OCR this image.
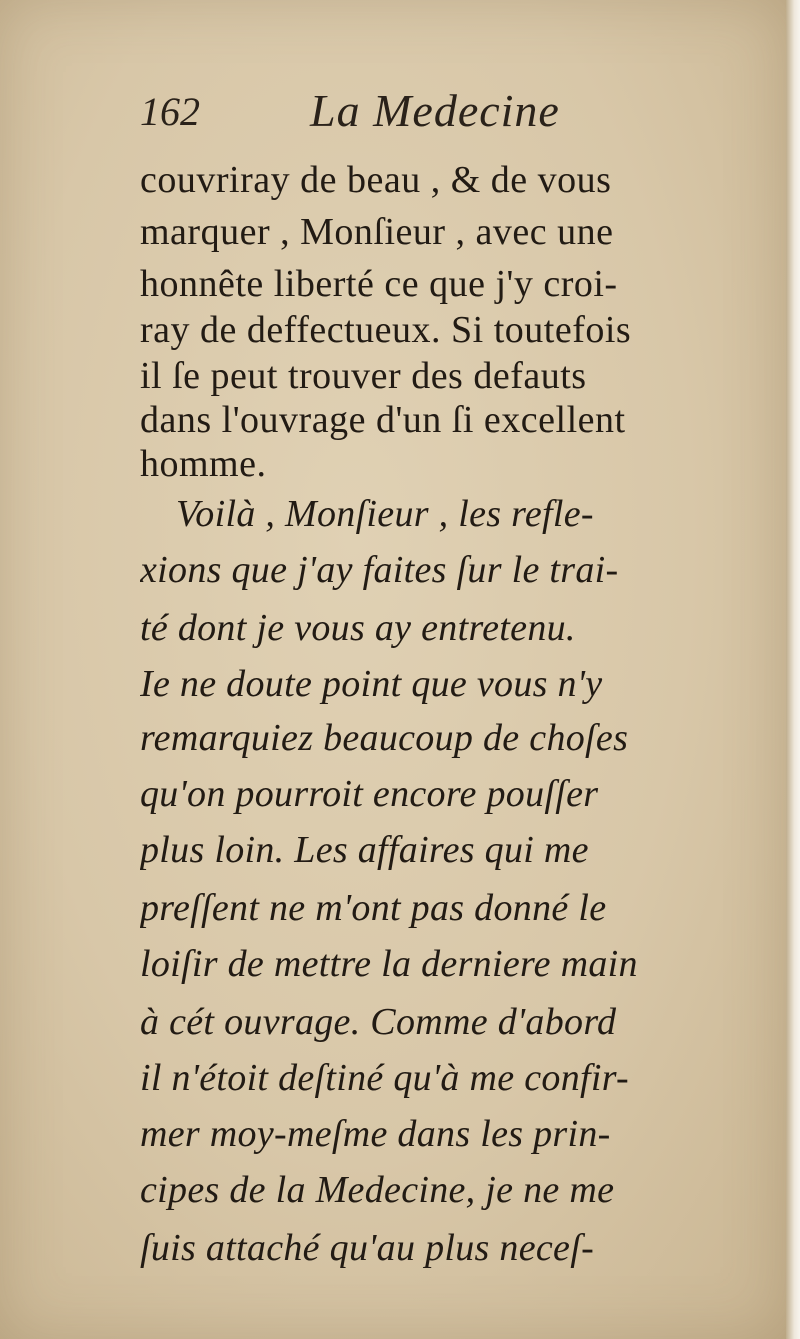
162 La Medecine
couvriray de beau , & de vous
marquer , Monſieur , avec une
honnête liberté ce que j'y croi-
ray de deffectueux. Si toutefois
il ſe peut trouver des defauts
dans l'ouvrage d'un ſi excellent
homme.
Voilà , Monſieur , les refle-
xions que j'ay faites ſur le trai-
té dont je vous ay entretenu.
Ie ne doute point que vous n'y
remarquiez beaucoup de choſes
qu'on pourroit encore pouſſer
plus loin. Les affaires qui me
preſſent ne m'ont pas donné le
loiſir de mettre la derniere main
à cét ouvrage. Comme d'abord
il n'étoit deſtiné qu'à me confir-
mer moy-meſme dans les prin-
cipes de la Medecine, je ne me
ſuis attaché qu'au plus neceſ-
